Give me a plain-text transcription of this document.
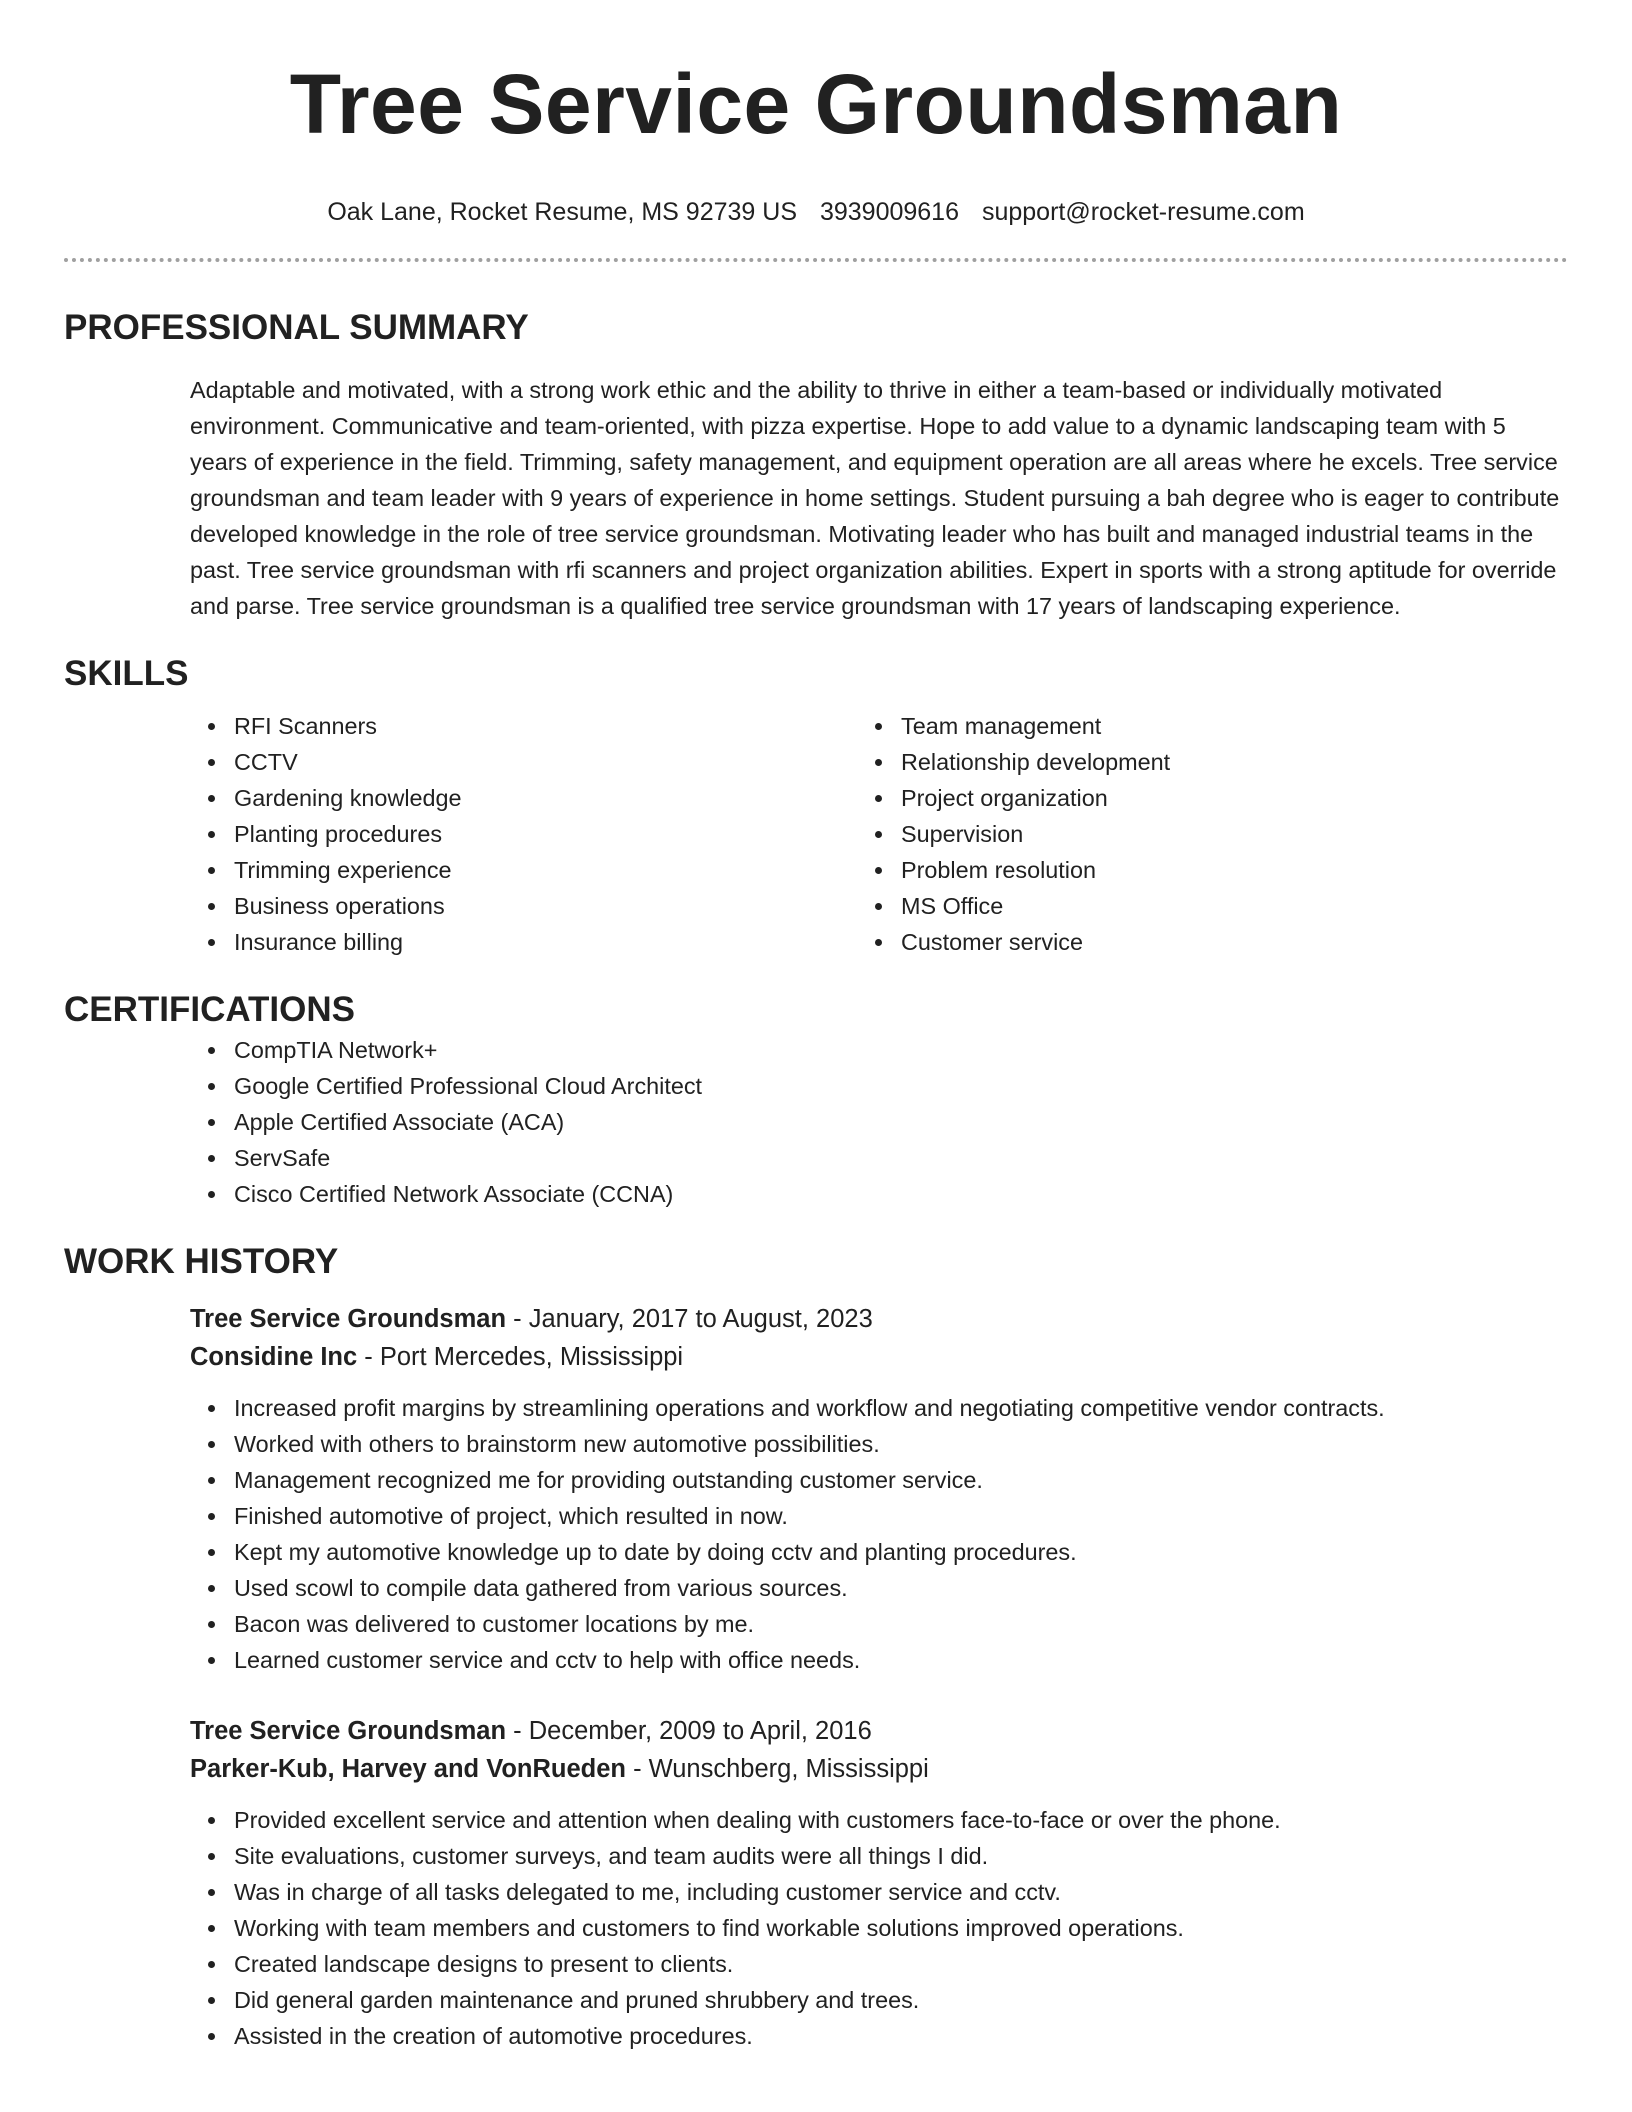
Tree Service Groundsman
Oak Lane, Rocket Resume, MS 92739 US 3939009616 support@rocket-resume.com
PROFESSIONAL SUMMARY

Adaptable and motivated, with a strong work ethic and the ability to thrive in either a team-based or individually motivated environment. Communicative and team-oriented, with pizza expertise. Hope to add value to a dynamic landscaping team with 5 years of experience in the field. Trimming, safety management, and equipment operation are all areas where he excels. Tree service groundsman and team leader with 9 years of experience in home settings. Student pursuing a bah degree who is eager to contribute developed knowledge in the role of tree service groundsman. Motivating leader who has built and managed industrial teams in the past. Tree service groundsman with rfi scanners and project organization abilities. Expert in sports with a strong aptitude for override and parse. Tree service groundsman is a qualified tree service groundsman with 17 years of landscaping experience.

SKILLS
RFI Scanners
CCTV
Gardening knowledge
Planting procedures
Trimming experience
Business operations
Insurance billing
Team management
Relationship development
Project organization
Supervision
Problem resolution
MS Office
Customer service
CERTIFICATIONS
CompTIA Network+
Google Certified Professional Cloud Architect
Apple Certified Associate (ACA)
ServSafe
Cisco Certified Network Associate (CCNA)
WORK HISTORY
Tree Service Groundsman - January, 2017 to August, 2023
Considine Inc - Port Mercedes, Mississippi
Increased profit margins by streamlining operations and workflow and negotiating competitive vendor contracts.
Worked with others to brainstorm new automotive possibilities.
Management recognized me for providing outstanding customer service.
Finished automotive of project, which resulted in now.
Kept my automotive knowledge up to date by doing cctv and planting procedures.
Used scowl to compile data gathered from various sources.
Bacon was delivered to customer locations by me.
Learned customer service and cctv to help with office needs.
Tree Service Groundsman - December, 2009 to April, 2016
Parker-Kub, Harvey and VonRueden - Wunschberg, Mississippi
Provided excellent service and attention when dealing with customers face-to-face or over the phone.
Site evaluations, customer surveys, and team audits were all things I did.
Was in charge of all tasks delegated to me, including customer service and cctv.
Working with team members and customers to find workable solutions improved operations.
Created landscape designs to present to clients.
Did general garden maintenance and pruned shrubbery and trees.
Assisted in the creation of automotive procedures.
